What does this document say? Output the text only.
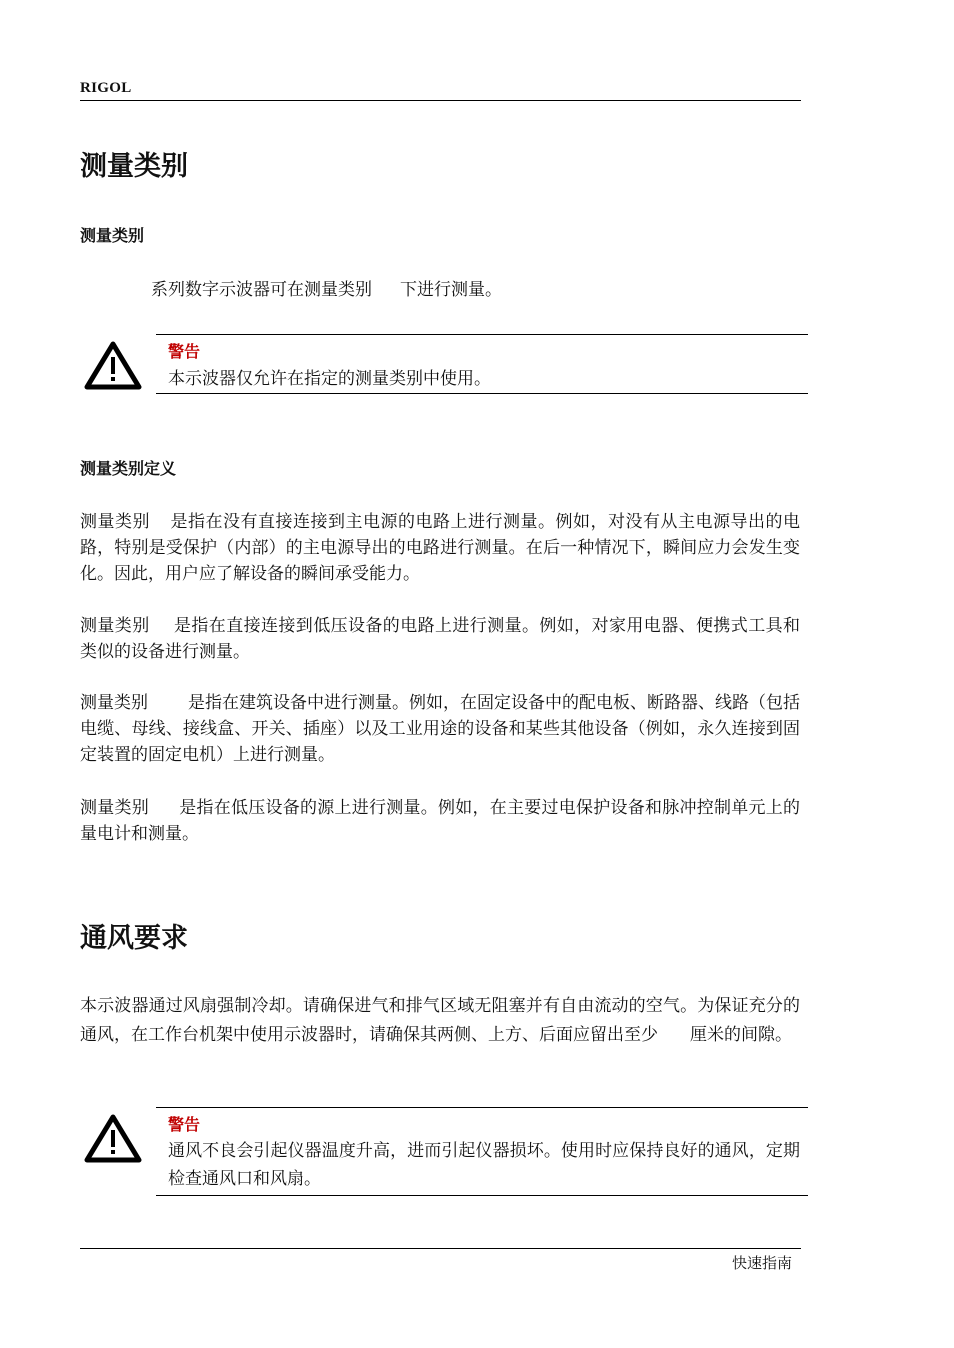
RIGOL
测量类别
测量类别
系列数字示波器可在测量类别 下进行测量。
警告
本示波器仅允许在指定的测量类别中使用。
测量类别定义
测量类别 是指在没有直接连接到主电源的电路上进行测量。例如，对没有从主电源导出的电路，特别是受保护（内部）的主电源导出的电路进行测量。在后一种情况下，瞬间应力会发生变化。因此，用户应了解设备的瞬间承受能力。
测量类别 是指在直接连接到低压设备的电路上进行测量。例如，对家用电器、便携式工具和类似的设备进行测量。
测量类别 是指在建筑设备中进行测量。例如，在固定设备中的配电板、断路器、线路（包括电缆、母线、接线盒、开关、插座）以及工业用途的设备和某些其他设备（例如，永久连接到固定装置的固定电机）上进行测量。
测量类别 是指在低压设备的源上进行测量。例如，在主要过电保护设备和脉冲控制单元上的量电计和测量。
通风要求
本示波器通过风扇强制冷却。请确保进气和排气区域无阻塞并有自由流动的空气。为保证充分的通风，在工作台机架中使用示波器时，请确保其两侧、上方、后面应留出至少 厘米的间隙。
警告
通风不良会引起仪器温度升高，进而引起仪器损坏。使用时应保持良好的通风，定期检查通风口和风扇。
快速指南
